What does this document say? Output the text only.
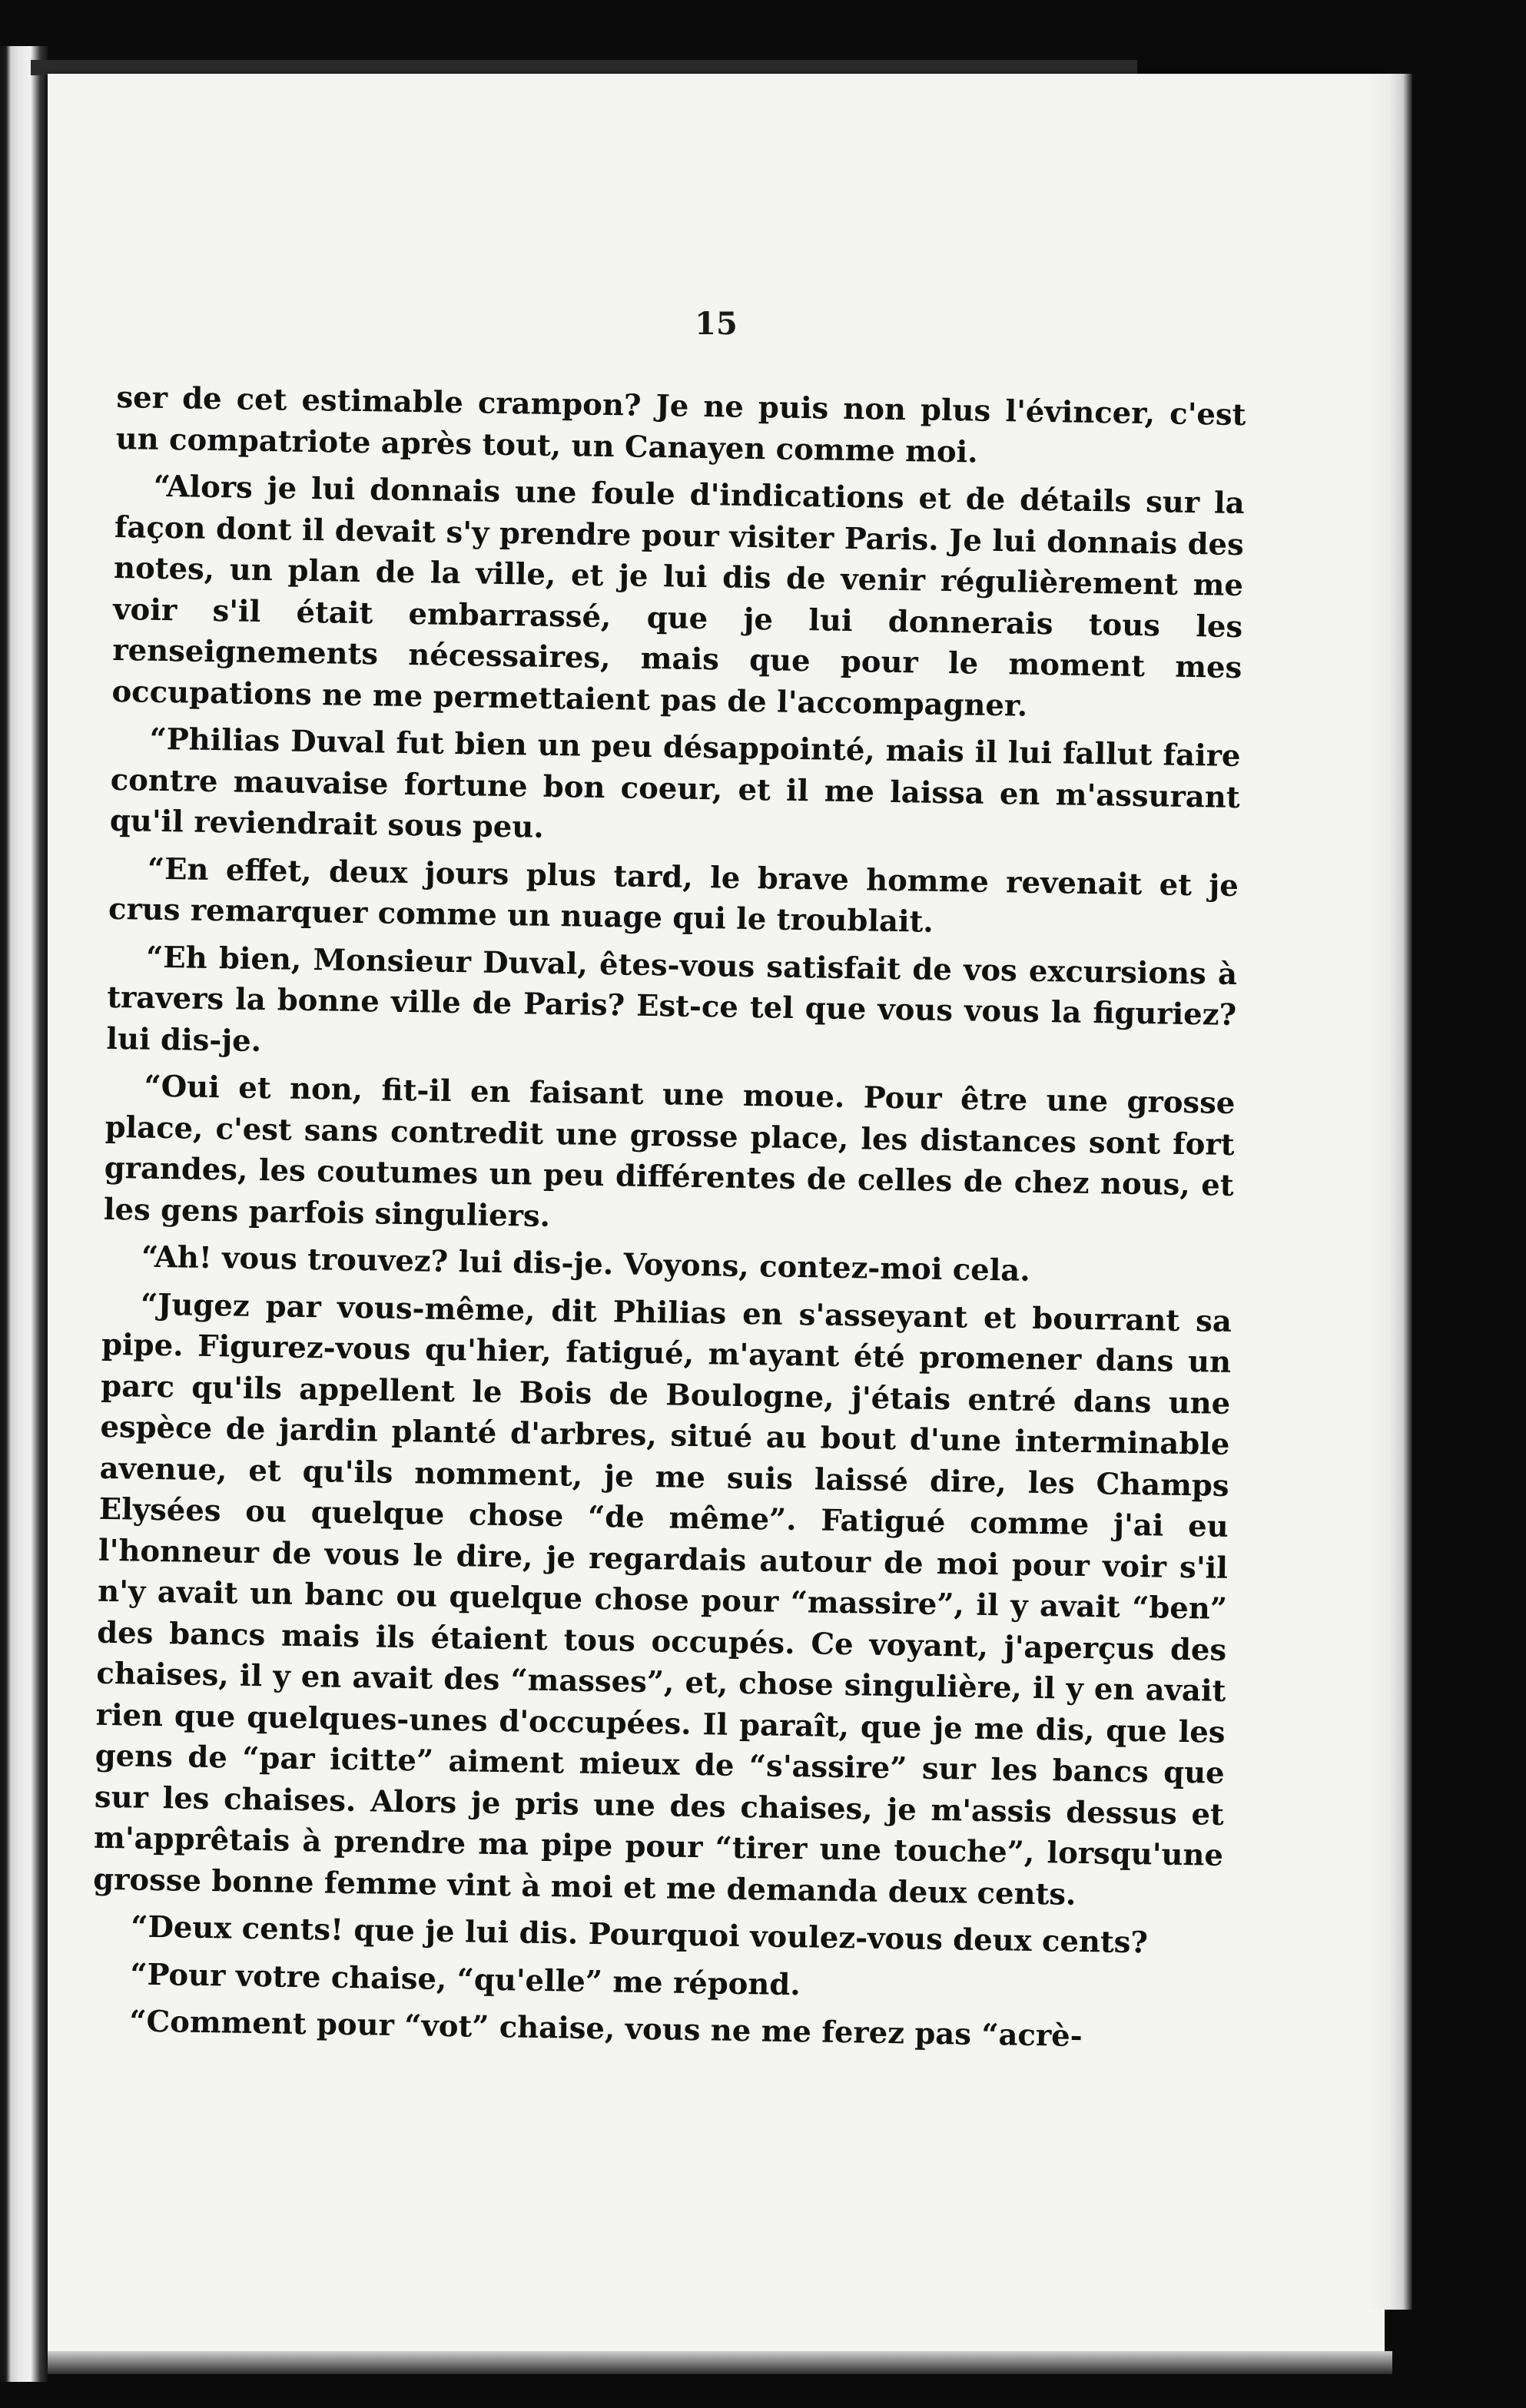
15

ser de cet estimable crampon? Je ne puis non plus l'évincer, c'est un compatriote après tout, un Canayen comme moi.

“Alors je lui donnais une foule d'indications et de détails sur la façon dont il devait s'y prendre pour visiter Paris. Je lui donnais des notes, un plan de la ville, et je lui dis de venir régulièrement me voir s'il était embarrassé, que je lui donnerais tous les renseignements nécessaires, mais que pour le moment mes occupations ne me permettaient pas de l'accompagner.

“Philias Duval fut bien un peu désappointé, mais il lui fallut faire contre mauvaise fortune bon coeur, et il me laissa en m'assurant qu'il reviendrait sous peu.

“En effet, deux jours plus tard, le brave homme revenait et je crus remarquer comme un nuage qui le troublait.

“Eh bien, Monsieur Duval, êtes-vous satisfait de vos excursions à travers la bonne ville de Paris? Est-ce tel que vous vous la figuriez? lui dis-je.

“Oui et non, fit-il en faisant une moue. Pour être une grosse place, c'est sans contredit une grosse place, les distances sont fort grandes, les coutumes un peu différentes de celles de chez nous, et les gens parfois singuliers.

“Ah! vous trouvez? lui dis-je. Voyons, contez-moi cela.

“Jugez par vous-même, dit Philias en s'asseyant et bourrant sa pipe. Figurez-vous qu'hier, fatigué, m'ayant été promener dans un parc qu'ils appellent le Bois de Boulogne, j'étais entré dans une espèce de jardin planté d'arbres, situé au bout d'une interminable avenue, et qu'ils nomment, je me suis laissé dire, les Champs Elysées ou quelque chose “de même”. Fatigué comme j'ai eu l'honneur de vous le dire, je regardais autour de moi pour voir s'il n'y avait un banc ou quelque chose pour “massire”, il y avait “ben” des bancs mais ils étaient tous occupés. Ce voyant, j'aperçus des chaises, il y en avait des “masses”, et, chose singulière, il y en avait rien que quelques-unes d'occupées. Il paraît, que je me dis, que les gens de “par icitte” aiment mieux de “s'assire” sur les bancs que sur les chaises. Alors je pris une des chaises, je m'assis dessus et m'apprêtais à prendre ma pipe pour “tirer une touche”, lorsqu'une grosse bonne femme vint à moi et me demanda deux cents.

“Deux cents! que je lui dis. Pourquoi voulez-vous deux cents?

“Pour votre chaise, “qu'elle” me répond.

“Comment pour “vot” chaise, vous ne me ferez pas “acrè-
